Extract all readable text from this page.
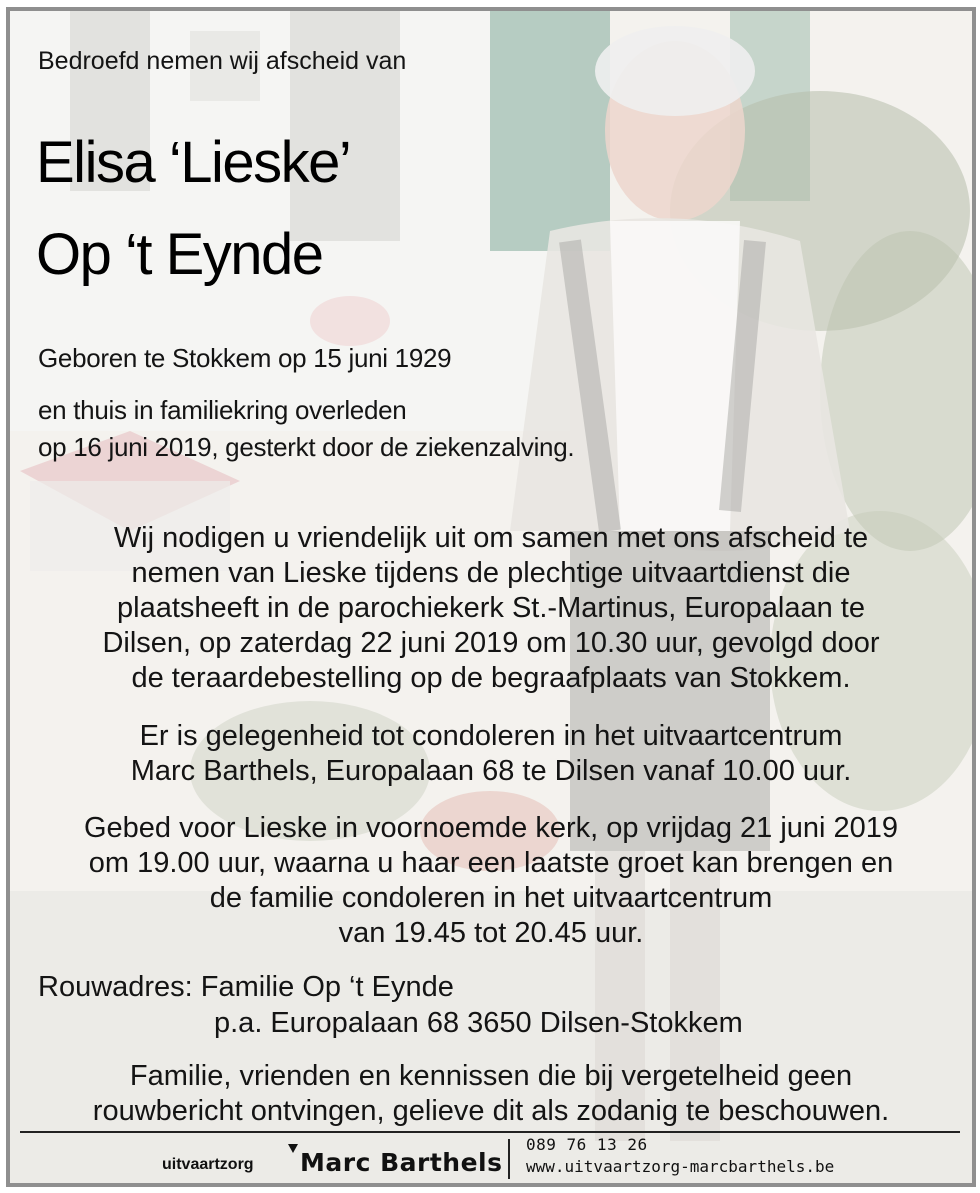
Bedroefd nemen wij afscheid van
Elisa ‘Lieske’
Op ‘t Eynde
Geboren te Stokkem op 15 juni 1929
en thuis in familiekring overleden
op 16 juni 2019, gesterkt door de ziekenzalving.
Wij nodigen u vriendelijk uit om samen met ons afscheid te
nemen van Lieske tijdens de plechtige uitvaartdienst die
plaatsheeft in de parochiekerk St.-Martinus, Europalaan te
Dilsen, op zaterdag 22 juni 2019 om 10.30 uur, gevolgd door
de teraardebestelling op de begraafplaats van Stokkem.
Er is gelegenheid tot condoleren in het uitvaartcentrum
Marc Barthels, Europalaan 68 te Dilsen vanaf 10.00 uur.
Gebed voor Lieske in voornoemde kerk, op vrijdag 21 juni 2019
om 19.00 uur, waarna u haar een laatste groet kan brengen en
de familie condoleren in het uitvaartcentrum
van 19.45 tot 20.45 uur.
Rouwadres: Familie Op ‘t Eynde
p.a. Europalaan 68 3650 Dilsen-Stokkem
Familie, vrienden en kennissen die bij vergetelheid geen
rouwbericht ontvingen, gelieve dit als zodanig te beschouwen.
uitvaartzorg Marc Barthels
089 76 13 26
www.uitvaartzorg-marcbarthels.be
